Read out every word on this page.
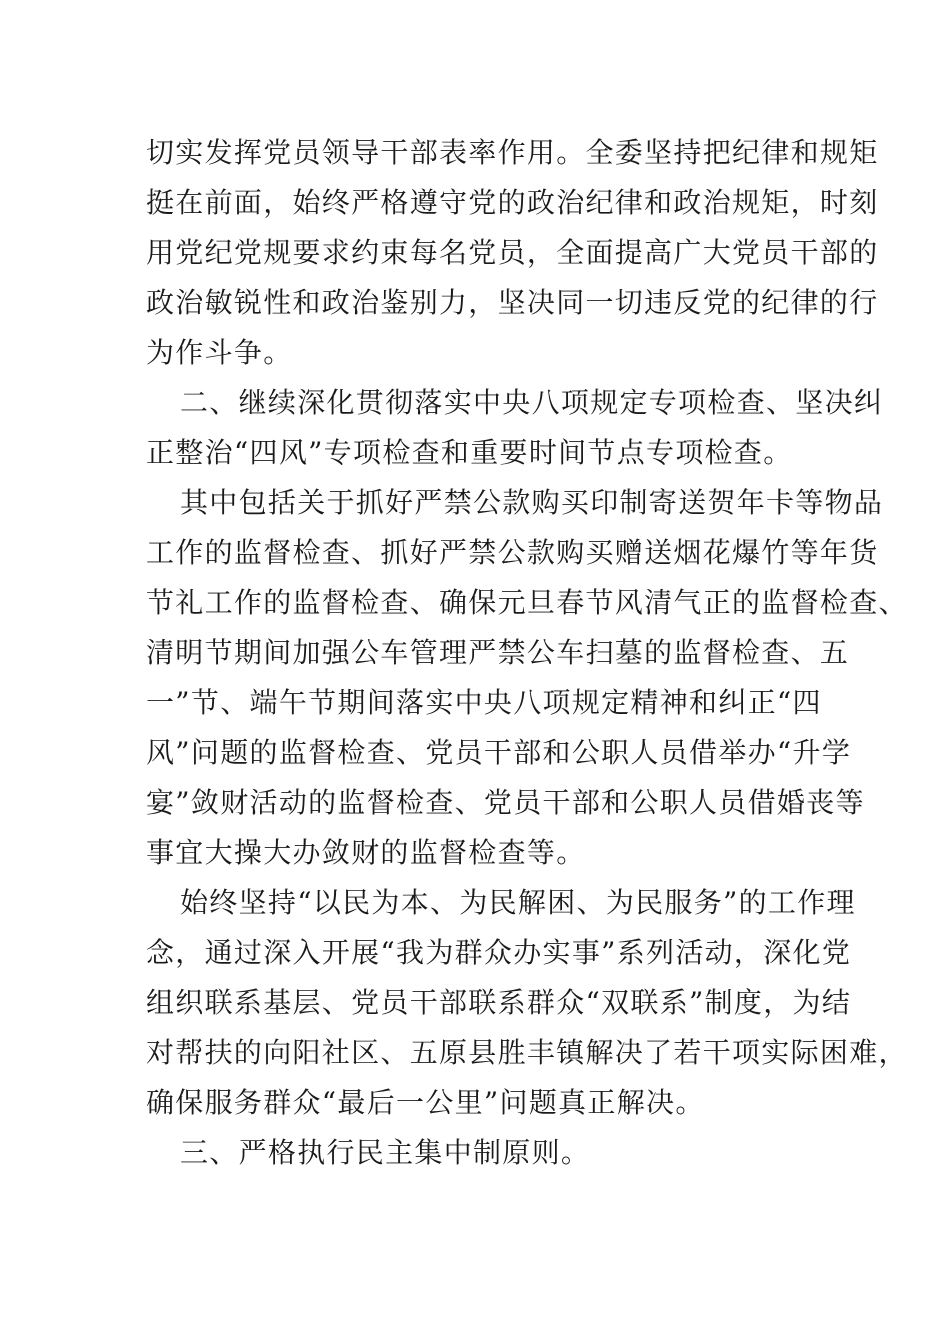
切实发挥党员领导干部表率作用。全委坚持把纪律和规矩
挺在前面，始终严格遵守党的政治纪律和政治规矩，时刻
用党纪党规要求约束每名党员，全面提高广大党员干部的
政治敏锐性和政治鉴别力，坚决同一切违反党的纪律的行
为作斗争。
二、继续深化贯彻落实中央八项规定专项检查、坚决纠
正整治“四风”专项检查和重要时间节点专项检查。
其中包括关于抓好严禁公款购买印制寄送贺年卡等物品
工作的监督检查、抓好严禁公款购买赠送烟花爆竹等年货
节礼工作的监督检查、确保元旦春节风清气正的监督检查、
清明节期间加强公车管理严禁公车扫墓的监督检查、五
一”节、端午节期间落实中央八项规定精神和纠正“四
风”问题的监督检查、党员干部和公职人员借举办“升学
宴”敛财活动的监督检查、党员干部和公职人员借婚丧等
事宜大操大办敛财的监督检查等。
始终坚持“以民为本、为民解困、为民服务”的工作理
念，通过深入开展“我为群众办实事”系列活动，深化党
组织联系基层、党员干部联系群众“双联系”制度，为结
对帮扶的向阳社区、五原县胜丰镇解决了若干项实际困难，
确保服务群众“最后一公里”问题真正解决。
三、严格执行民主集中制原则。
